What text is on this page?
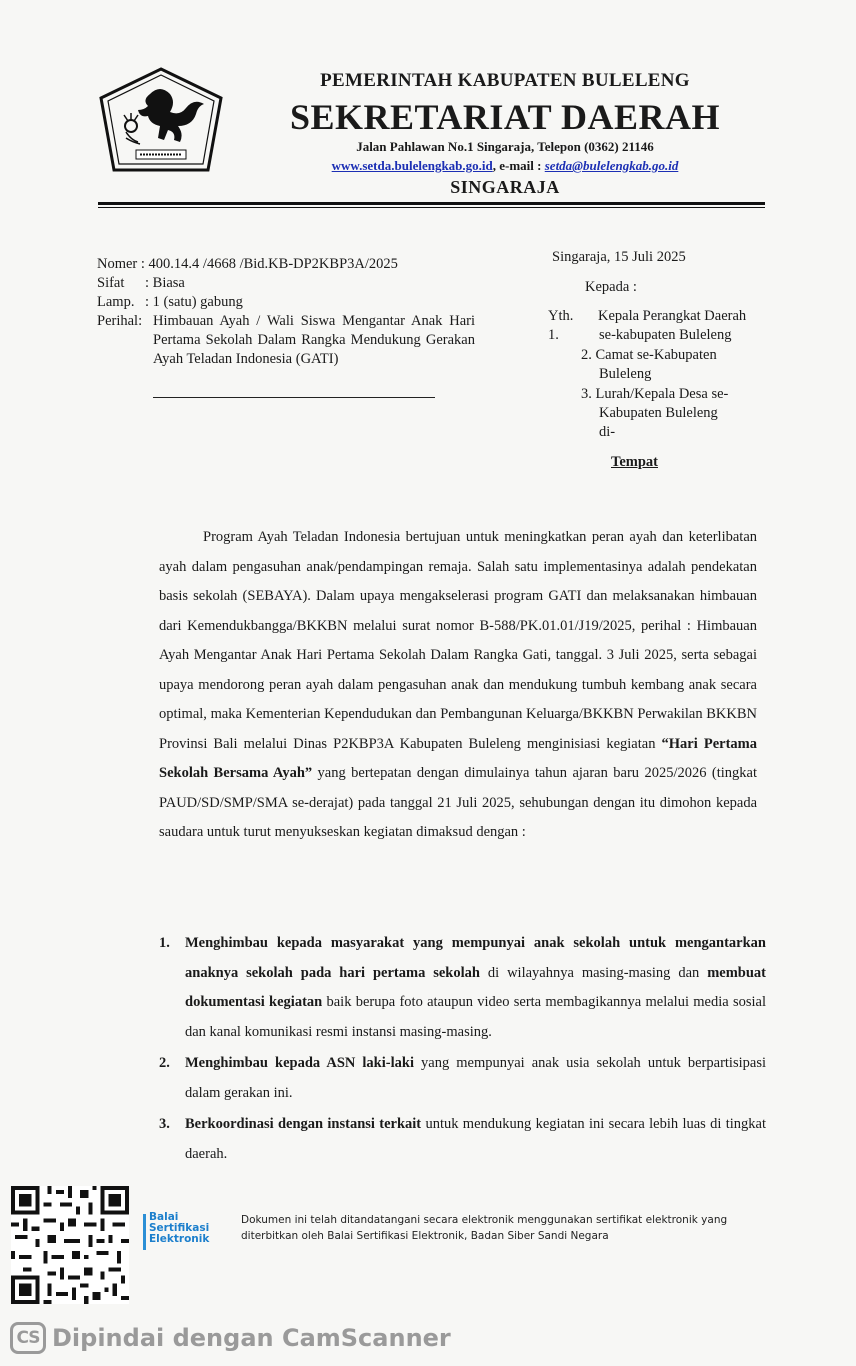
PEMERINTAH KABUPATEN BULELENG
SEKRETARIAT DAERAH
Jalan Pahlawan No.1 Singaraja, Telepon (0362) 21146
www.setda.bulelengkab.go.id, e-mail : setda@bulelengkab.go.id
SINGARAJA
Nomer
: 400.14.4 /4668 /Bid.KB-DP2KBP3A/2025
Sifat	: Biasa
Lamp. : 1 (satu) gabung
Perihal: Himbauan Ayah / Wali Siswa Mengantar Anak Hari Pertama Sekolah Dalam Rangka Mendukung Gerakan Ayah Teladan Indonesia (GATI)
Singaraja, 15 Juli 2025
Kepada :
Yth. 1.
Kepala Perangkat Daerah
se-kabupaten Buleleng
2. Camat se-Kabupaten
Buleleng
3. Lurah/Kepala Desa se-
Kabupaten Buleleng
di-
Tempat
Program Ayah Teladan Indonesia bertujuan untuk meningkatkan peran ayah dan keterlibatan ayah dalam pengasuhan anak/pendampingan remaja. Salah satu implementasinya adalah pendekatan basis sekolah (SEBAYA). Dalam upaya mengakselerasi program GATI dan melaksanakan himbauan dari Kemendukbangga/BKKBN melalui surat nomor B-588/PK.01.01/J19/2025, perihal : Himbauan Ayah Mengantar Anak Hari Pertama Sekolah Dalam Rangka Gati, tanggal. 3 Juli 2025, serta sebagai upaya mendorong peran ayah dalam pengasuhan anak dan mendukung tumbuh kembang anak secara optimal, maka Kementerian Kependudukan dan Pembangunan Keluarga/BKKBN Perwakilan BKKBN Provinsi Bali melalui Dinas P2KBP3A Kabupaten Buleleng menginisiasi kegiatan “Hari Pertama Sekolah Bersama Ayah” yang bertepatan dengan dimulainya tahun ajaran baru 2025/2026 (tingkat PAUD/SD/SMP/SMA se-derajat) pada tanggal 21 Juli 2025, sehubungan dengan itu dimohon kepada saudara untuk turut menyukseskan kegiatan dimaksud dengan :
1. Menghimbau kepada masyarakat yang mempunyai anak sekolah untuk mengantarkan anaknya sekolah pada hari pertama sekolah di wilayahnya masing-masing dan membuat dokumentasi kegiatan baik berupa foto ataupun video serta membagikannya melalui media sosial dan kanal komunikasi resmi instansi masing-masing.
2. Menghimbau kepada ASN laki-laki yang mempunyai anak usia sekolah untuk berpartisipasi dalam gerakan ini.
3. Berkoordinasi dengan instansi terkait untuk mendukung kegiatan ini secara lebih luas di tingkat daerah.
Balai
Sertifikasi
Elektronik
Dokumen ini telah ditandatangani secara elektronik menggunakan sertifikat elektronik yang diterbitkan oleh Balai Sertifikasi Elektronik, Badan Siber Sandi Negara
CS Dipindai dengan CamScanner
